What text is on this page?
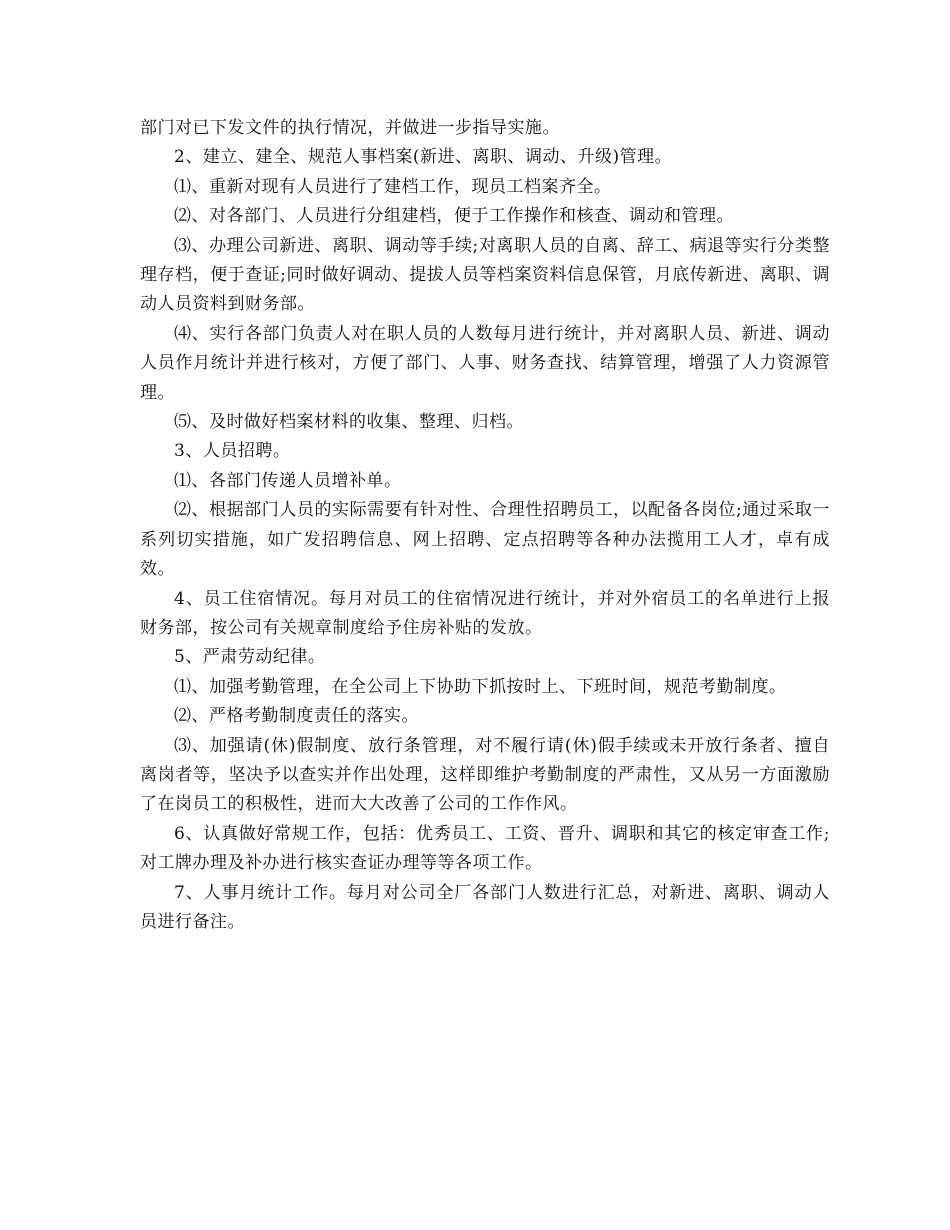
部门对已下发文件的执行情况，并做进一步指导实施。

2、建立、建全、规范人事档案(新进、离职、调动、升级)管理。

⑴、重新对现有人员进行了建档工作，现员工档案齐全。

⑵、对各部门、人员进行分组建档，便于工作操作和核查、调动和管理。

⑶、办理公司新进、离职、调动等手续;对离职人员的自离、辞工、病退等实行分类整理存档，便于查证;同时做好调动、提拔人员等档案资料信息保管，月底传新进、离职、调动人员资料到财务部。

⑷、实行各部门负责人对在职人员的人数每月进行统计，并对离职人员、新进、调动人员作月统计并进行核对，方便了部门、人事、财务查找、结算管理，增强了人力资源管理。

⑸、及时做好档案材料的收集、整理、归档。

3、人员招聘。

⑴、各部门传递人员增补单。

⑵、根据部门人员的实际需要有针对性、合理性招聘员工，以配备各岗位;通过采取一系列切实措施，如广发招聘信息、网上招聘、定点招聘等各种办法揽用工人才，卓有成效。

4、员工住宿情况。每月对员工的住宿情况进行统计，并对外宿员工的名单进行上报财务部，按公司有关规章制度给予住房补贴的发放。

5、严肃劳动纪律。

⑴、加强考勤管理，在全公司上下协助下抓按时上、下班时间，规范考勤制度。

⑵、严格考勤制度责任的落实。

⑶、加强请(休)假制度、放行条管理，对不履行请(休)假手续或未开放行条者、擅自离岗者等，坚决予以查实并作出处理，这样即维护考勤制度的严肃性，又从另一方面激励了在岗员工的积极性，进而大大改善了公司的工作作风。

6、认真做好常规工作，包括：优秀员工、工资、晋升、调职和其它的核定审查工作;对工牌办理及补办进行核实查证办理等等各项工作。

7、人事月统计工作。每月对公司全厂各部门人数进行汇总，对新进、离职、调动人员进行备注。
